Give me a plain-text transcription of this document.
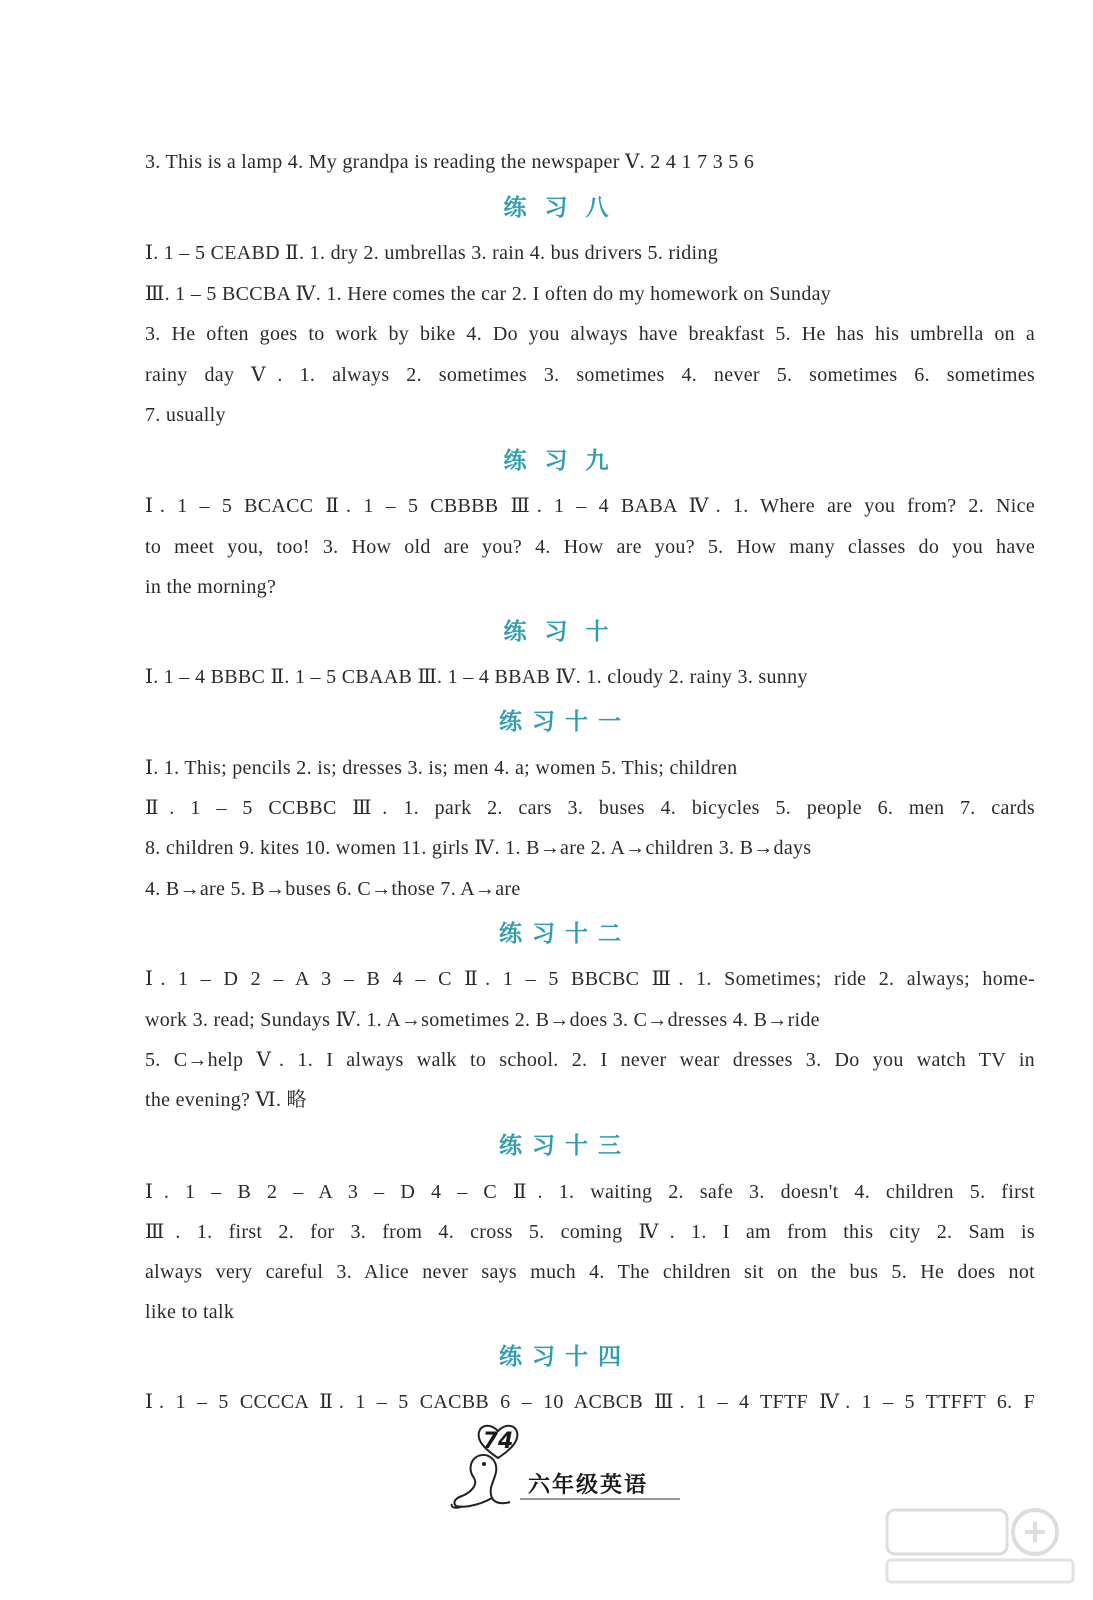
3. This is a lamp 4. My grandpa is reading the newspaper Ⅴ. 2 4 1 7 3 5 6
练习八
Ⅰ. 1 – 5 CEABD Ⅱ. 1. dry 2. umbrellas 3. rain 4. bus drivers 5. riding
Ⅲ. 1 – 5 BCCBA Ⅳ. 1. Here comes the car 2. I often do my homework on Sunday
3. He often goes to work by bike 4. Do you always have breakfast 5. He has his umbrella on a
rainy day Ⅴ. 1. always 2. sometimes 3. sometimes 4. never 5. sometimes 6. sometimes
7. usually
练习九
Ⅰ. 1 – 5 BCACC Ⅱ. 1 – 5 CBBBB Ⅲ. 1 – 4 BABA Ⅳ. 1. Where are you from? 2. Nice
to meet you, too! 3. How old are you? 4. How are you? 5. How many classes do you have
in the morning?
练习十
Ⅰ. 1 – 4 BBBC Ⅱ. 1 – 5 CBAAB Ⅲ. 1 – 4 BBAB Ⅳ. 1. cloudy 2. rainy 3. sunny
练习十一
Ⅰ. 1. This; pencils 2. is; dresses 3. is; men 4. a; women 5. This; children
Ⅱ. 1 – 5 CCBBC Ⅲ. 1. park 2. cars 3. buses 4. bicycles 5. people 6. men 7. cards
8. children 9. kites 10. women 11. girls Ⅳ. 1. B→are 2. A→children 3. B→days
4. B→are 5. B→buses 6. C→those 7. A→are
练习十二
Ⅰ. 1 – D 2 – A 3 – B 4 – C Ⅱ. 1 – 5 BBCBC Ⅲ. 1. Sometimes; ride 2. always; home-
work 3. read; Sundays Ⅳ. 1. A→sometimes 2. B→does 3. C→dresses 4. B→ride
5. C→help Ⅴ. 1. I always walk to school. 2. I never wear dresses 3. Do you watch TV in
the evening? Ⅵ. 略
练习十三
Ⅰ. 1 – B 2 – A 3 – D 4 – C Ⅱ. 1. waiting 2. safe 3. doesn't 4. children 5. first
Ⅲ. 1. first 2. for 3. from 4. cross 5. coming Ⅳ. 1. I am from this city 2. Sam is
always very careful 3. Alice never says much 4. The children sit on the bus 5. He does not
like to talk
练习十四
Ⅰ. 1 – 5 CCCCA Ⅱ. 1 – 5 CACBB 6 – 10 ACBCB Ⅲ. 1 – 4 TFTF Ⅳ. 1 – 5 TTFFT 6. F
74
六年级英语
